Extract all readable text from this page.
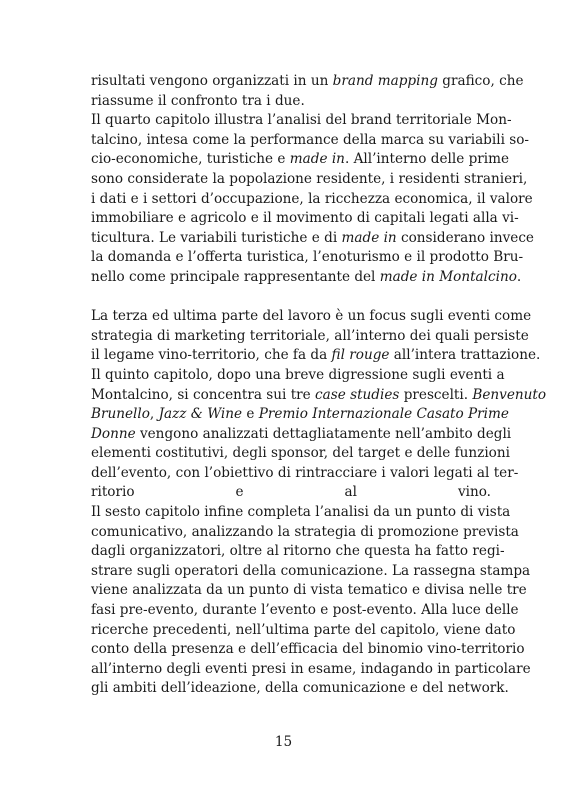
risultati vengono organizzati in un brand mapping grafico, che
riassume il confronto tra i due.
Il quarto capitolo illustra l’analisi del brand territoriale Mon-
talcino, intesa come la performance della marca su variabili so-
cio-economiche, turistiche e made in. All’interno delle prime
sono considerate la popolazione residente, i residenti stranieri,
i dati e i settori d’occupazione, la ricchezza economica, il valore
immobiliare e agricolo e il movimento di capitali legati alla vi-
ticultura. Le variabili turistiche e di made in considerano invece
la domanda e l’offerta turistica, l’enoturismo e il prodotto Bru-
nello come principale rappresentante del made in Montalcino.
La terza ed ultima parte del lavoro è un focus sugli eventi come
strategia di marketing territoriale, all’interno dei quali persiste
il legame vino-territorio, che fa da fil rouge all’intera trattazione.
Il quinto capitolo, dopo una breve digressione sugli eventi a
Montalcino, si concentra sui tre case studies prescelti. Benvenuto
Brunello, Jazz & Wine e Premio Internazionale Casato Prime
Donne vengono analizzati dettagliatamente nell’ambito degli
elementi costitutivi, degli sponsor, del target e delle funzioni
dell’evento, con l’obiettivo di rintracciare i valori legati al ter-
ritorio e al vino.
Il sesto capitolo infine completa l’analisi da un punto di vista
comunicativo, analizzando la strategia di promozione prevista
dagli organizzatori, oltre al ritorno che questa ha fatto regi-
strare sugli operatori della comunicazione. La rassegna stampa
viene analizzata da un punto di vista tematico e divisa nelle tre
fasi pre-evento, durante l’evento e post-evento. Alla luce delle
ricerche precedenti, nell’ultima parte del capitolo, viene dato
conto della presenza e dell’efficacia del binomio vino-territorio
all’interno degli eventi presi in esame, indagando in particolare
gli ambiti dell’ideazione, della comunicazione e del network.
15
